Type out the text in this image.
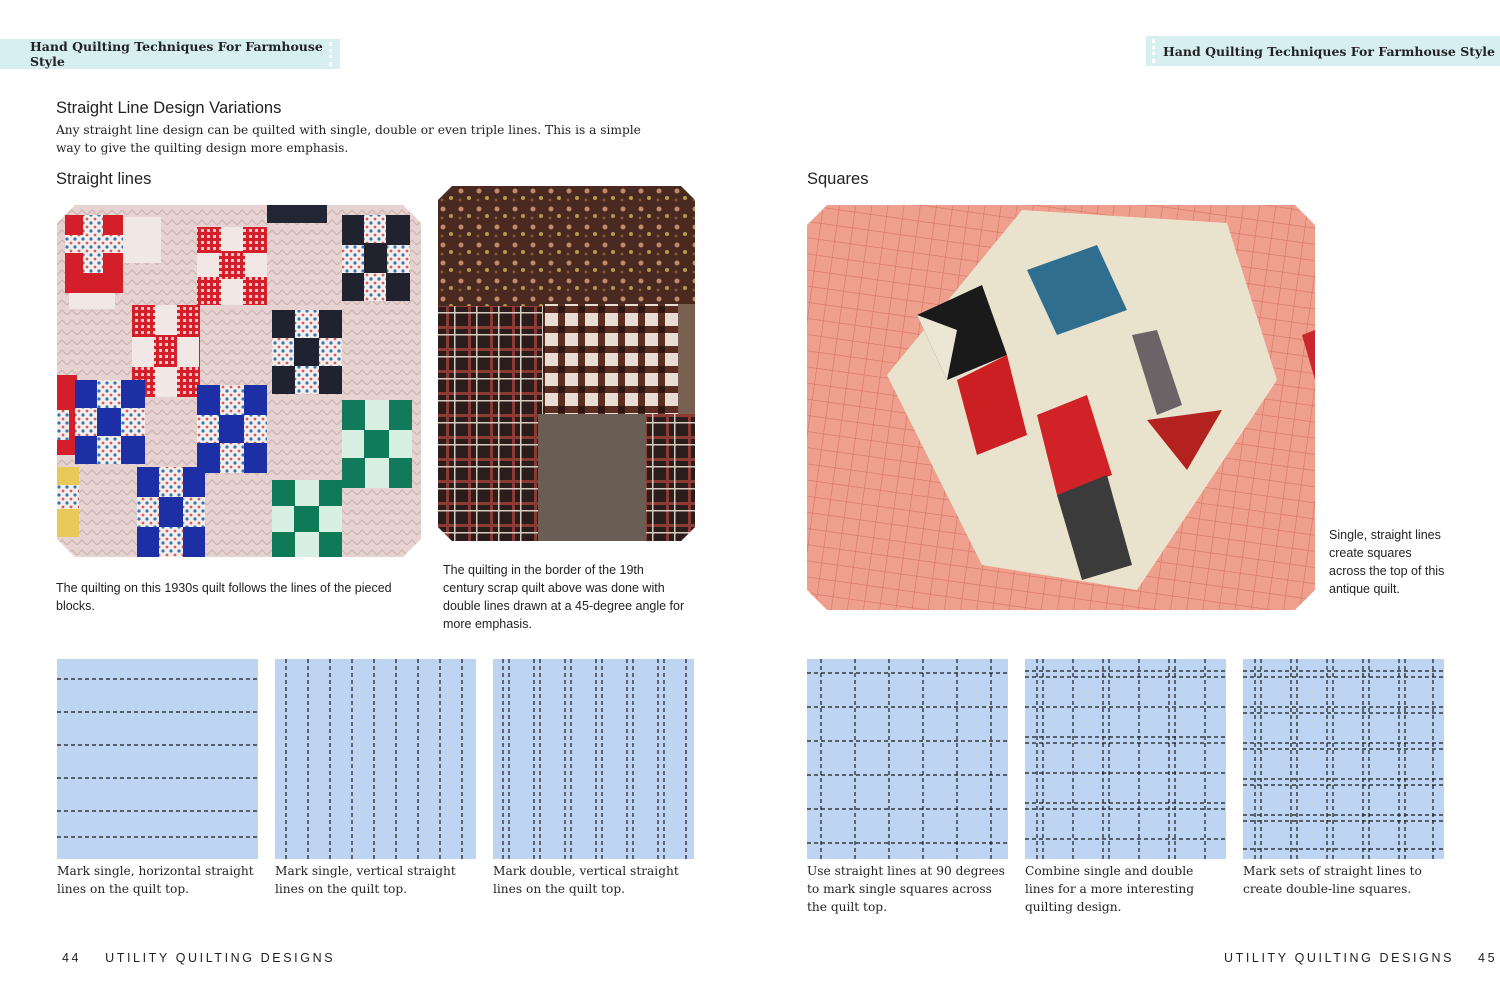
Hand Quilting Techniques For Farmhouse Style
Hand Quilting Techniques For Farmhouse Style
Straight Line Design Variations
Any straight line design can be quilted with single, double or even triple lines. This is a simple way to give the quilting design more emphasis.
Straight lines	Squares
The quilting on this 1930s quilt follows the lines of the pieced blocks.
The quilting in the border of the 19th century scrap quilt above was done with double lines drawn at a 45-degree angle for more emphasis.
Single, straight lines create squares across the top of this antique quilt.
Mark single, horizontal straight lines on the quilt top.
Mark single, vertical straight lines on the quilt top.
Mark double, vertical straight lines on the quilt top.
Use straight lines at 90 degrees to mark single squares across the quilt top.
Combine single and double lines for a more interesting quilting design.
Mark sets of straight lines to create double-line squares.
44 UTILITY QUILTING DESIGNS	UTILITY QUILTING DESIGNS 45
